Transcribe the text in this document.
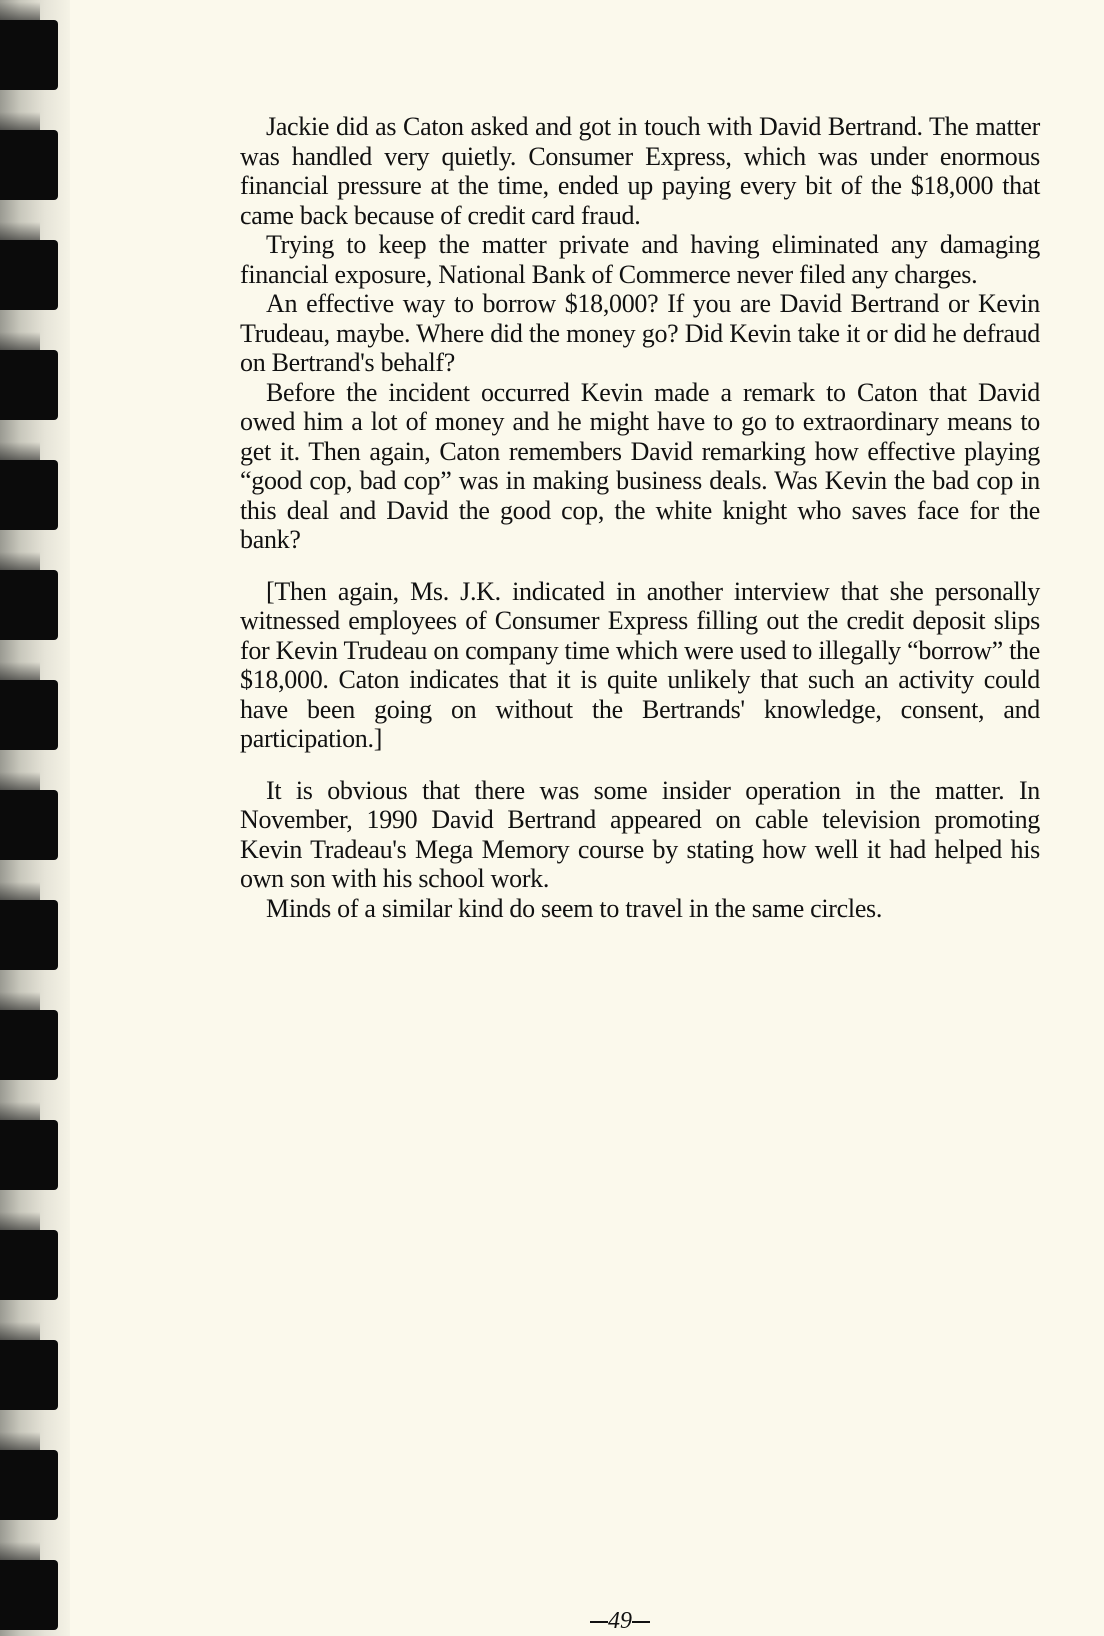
Jackie did as Caton asked and got in touch with David Bertrand. The matter was handled very quietly. Consumer Express, which was under enormous financial pressure at the time, ended up paying every bit of the $18,000 that came back because of credit card fraud.

Trying to keep the matter private and having eliminated any damaging financial exposure, National Bank of Commerce never filed any charges.

An effective way to borrow $18,000? If you are David Bertrand or Kevin Trudeau, maybe. Where did the money go? Did Kevin take it or did he defraud on Bertrand's behalf?

Before the incident occurred Kevin made a remark to Caton that David owed him a lot of money and he might have to go to extraordinary means to get it. Then again, Caton remembers David remarking how effective playing “good cop, bad cop” was in making business deals. Was Kevin the bad cop in this deal and David the good cop, the white knight who saves face for the bank?

[Then again, Ms. J.K. indicated in another interview that she personally witnessed employees of Consumer Express filling out the credit deposit slips for Kevin Trudeau on company time which were used to illegally “borrow” the $18,000. Caton indicates that it is quite unlikely that such an activity could have been going on without the Bertrands' knowledge, consent, and participation.]

It is obvious that there was some insider operation in the matter. In November, 1990 David Bertrand appeared on cable television promoting Kevin Tradeau's Mega Memory course by stating how well it had helped his own son with his school work.

Minds of a similar kind do seem to travel in the same circles.

49
